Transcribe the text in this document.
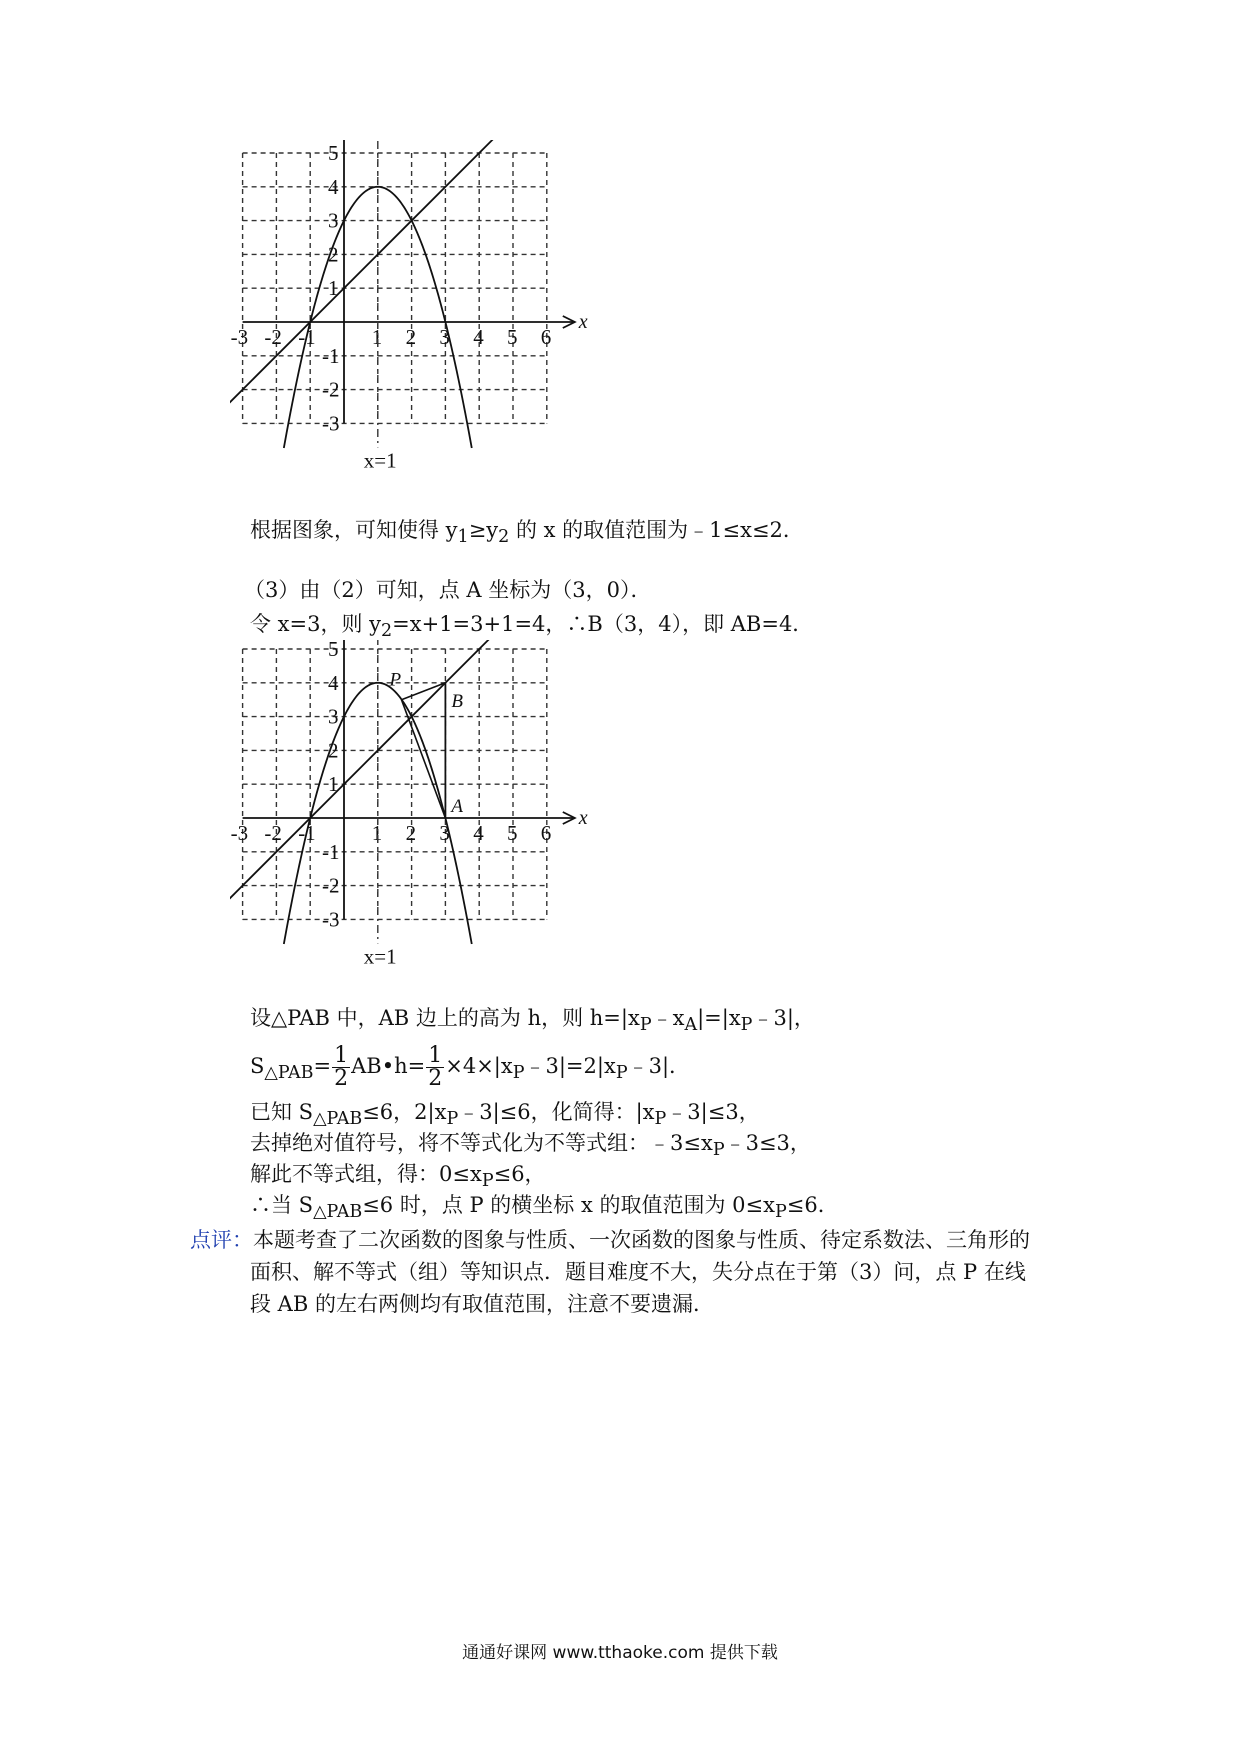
x
-3 -2 -1	1 2 3 4 5 6
5
4
3
2
1
-1
-2
-3
x=1
根据图象，可知使得 $y_1\ge y_2$ 的 x 的取值范围为﹣1≤x≤2．
（3）由（2）可知，点 A 坐标为（3，0）．
令 x=3，则 $y_2=x+1=3+1=4$，∴B（3，4），即 AB=4．
x
-3 -2 -1	1 2 3 4 5 6
5
4
3
2
1
-1
-2
-3
x=1
P
B
A
设△PAB 中，AB 边上的高为 h，则 $h=|x_P﹣x_A|=|x_P﹣3|$，
$S_{\triangle PAB}= \frac{1}{2}$ AB•h= $\frac{1}{2}$ $\times 4\times|x_P﹣3|=2|x_P﹣3|$．
已知 $S_{\triangle PAB}\le 6$，$2|x_P﹣3|\le 6$，化简得：$|x_P﹣3|\le 3$，
去掉绝对值符号，将不等式化为不等式组：$﹣3\le x_P﹣3\le 3$，
解此不等式组，得：$0\le x_P\le 6$，
∴当 $S_{\triangle PAB}\le 6$ 时，点 P 的横坐标 x 的取值范围为 $0\le x_P\le 6$．
点评：本题考查了二次函数的图象与性质、一次函数的图象与性质、待定系数法、三角形的
面积、解不等式（组）等知识点．题目难度不大，失分点在于第（3）问，点 P 在线
段 AB 的左右两侧均有取值范围，注意不要遗漏．
通通好课网 www.tthaoke.com 提供下载
